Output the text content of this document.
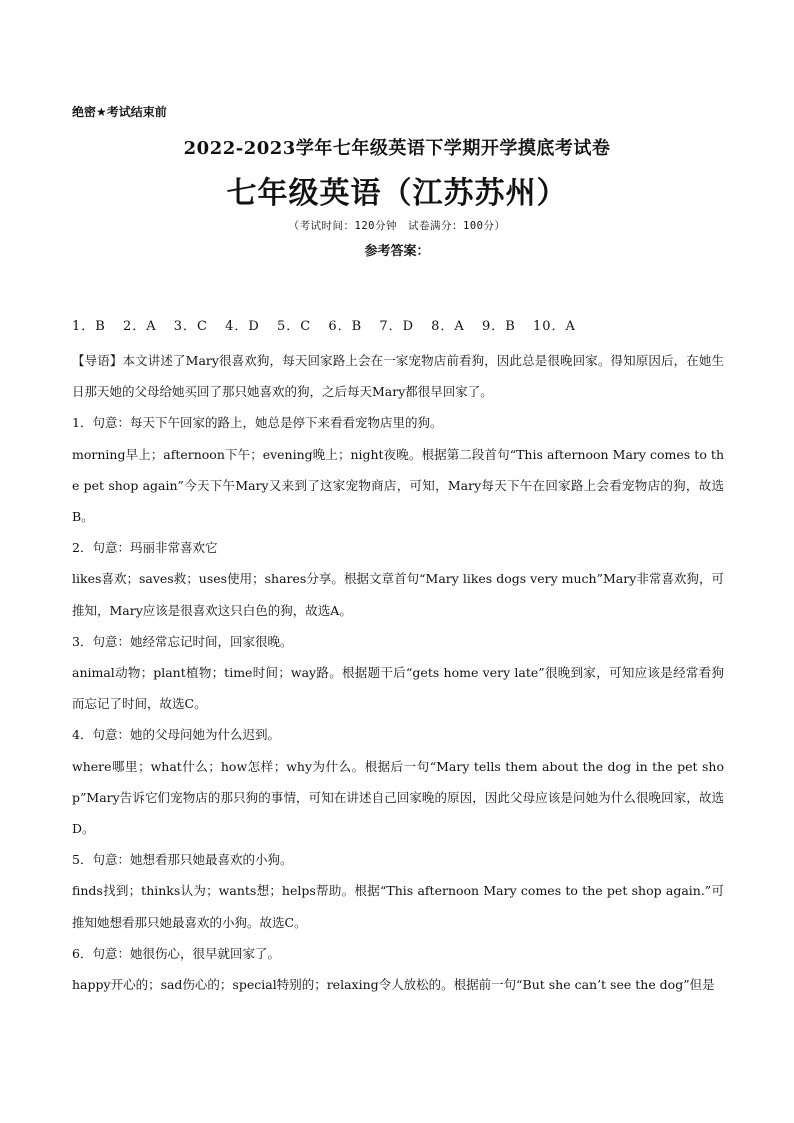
绝密★考试结束前
2022-2023学年七年级英语下学期开学摸底考试卷
七年级英语（江苏苏州）
（考试时间：120分钟　试卷满分：100分）
参考答案：
1．B 2．A 3．C 4．D 5．C 6．B 7．D 8．A 9．B 10．A

【导语】本文讲述了Mary很喜欢狗，每天回家路上会在一家宠物店前看狗，因此总是很晚回家。得知原因后，在她生日那天她的父母给她买回了那只她喜欢的狗，之后每天Mary都很早回家了。

1．句意：每天下午回家的路上，她总是停下来看看宠物店里的狗。

morning早上；afternoon下午；evening晚上；night夜晚。根据第二段首句“This afternoon Mary comes to the pet shop again”今天下午Mary又来到了这家宠物商店，可知，Mary每天下午在回家路上会看宠物店的狗，故选B。

2．句意：玛丽非常喜欢它

likes喜欢；saves救；uses使用；shares分享。根据文章首句“Mary likes dogs very much”Mary非常喜欢狗，可推知，Mary应该是很喜欢这只白色的狗，故选A。

3．句意：她经常忘记时间，回家很晚。

animal动物；plant植物；time时间；way路。根据题干后“gets home very late”很晚到家，可知应该是经常看狗而忘记了时间，故选C。

4．句意：她的父母问她为什么迟到。

where哪里；what什么；how怎样；why为什么。根据后一句“Mary tells them about the dog in the pet shop”Mary告诉它们宠物店的那只狗的事情，可知在讲述自己回家晚的原因，因此父母应该是问她为什么很晚回家，故选D。

5．句意：她想看那只她最喜欢的小狗。

finds找到；thinks认为；wants想；helps帮助。根据“This afternoon Mary comes to the pet shop again.”可推知她想看那只她最喜欢的小狗。故选C。

6．句意：她很伤心，很早就回家了。

happy开心的；sad伤心的；special特别的；relaxing令人放松的。根据前一句“But she can’t see the dog”但是
